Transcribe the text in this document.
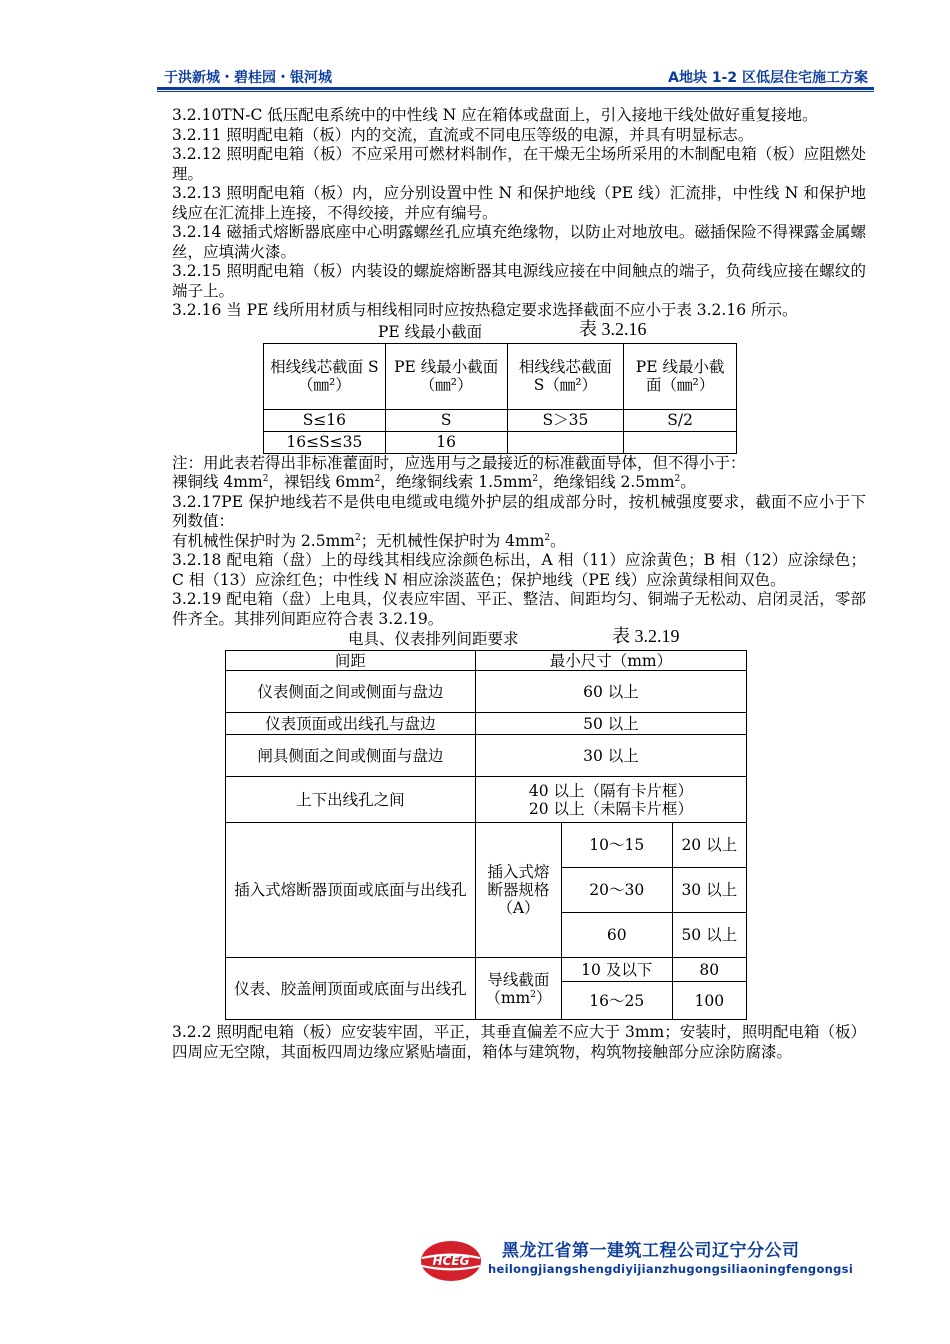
于洪新城・碧桂园・银河城	A地块 1-2 区低层住宅施工方案

3.2.10TN-C 低压配电系统中的中性线 N 应在箱体或盘面上，引入接地干线处做好重复接地。

3.2.11 照明配电箱（板）内的交流，直流或不同电压等级的电源，并具有明显标志。

3.2.12 照明配电箱（板）不应采用可燃材料制作，在干燥无尘场所采用的木制配电箱（板）应阻燃处理。

3.2.13 照明配电箱（板）内，应分别设置中性 N 和保护地线（PE 线）汇流排，中性线 N 和保护地线应在汇流排上连接，不得绞接，并应有编号。

3.2.14 磁插式熔断器底座中心明露螺丝孔应填充绝缘物，以防止对地放电。磁插保险不得裸露金属螺丝，应填满火漆。

3.2.15 照明配电箱（板）内装设的螺旋熔断器其电源线应接在中间触点的端子，负荷线应接在螺纹的端子上。

3.2.16 当 PE 线所用材质与相线相同时应按热稳定要求选择截面不应小于表 3.2.16 所示。

PE 线最小截面	表 3.2.16
相线线芯截面 S（㎜²）	PE 线最小截面（㎜²）	相线线芯截面 S（㎜²）	PE 线最小截面（㎜²）
S≤16	S	S＞35	S/2
16≤S≤35	16		

注：用此表若得出非标准藿面时，应选用与之最接近的标准截面导体，但不得小于：

裸铜线 $4mm^2$，裸铝线 $6mm^2$，绝缘铜线索 $1.5mm^2$，绝缘铝线 $2.5mm^2$。

3.2.17PE 保护地线若不是供电电缆或电缆外护层的组成部分时，按机械强度要求，截面不应小于下列数值：

有机械性保护时为 $2.5mm^2$；无机械性保护时为 $4mm^2$。

3.2.18 配电箱（盘）上的母线其相线应涂颜色标出，A 相（11）应涂黄色；B 相（12）应涂绿色；C 相（13）应涂红色；中性线 N 相应涂淡蓝色；保护地线（PE 线）应涂黄绿相间双色。

3.2.19 配电箱（盘）上电具，仪表应牢固、平正、整洁、间距均匀、铜端子无松动、启闭灵活，零部件齐全。其排列间距应符合表 3.2.19。

电具、仪表排列间距要求	表 3.2.19
间距	最小尺寸（mm）		
仪表侧面之间或侧面与盘边	60 以上		
仪表顶面或出线孔与盘边	50 以上		
闸具侧面之间或侧面与盘边	30 以上		
上下出线孔之间	40 以上（隔有卡片框）
20 以上（未隔卡片框）		

插入式熔断器顶面或底面与出线孔	插入式熔断器规格（A）	10～15	20 以上
		20～30	30 以上
		60	50 以上
仪表、胶盖闸顶面或底面与出线孔	导线截面$(mm^2)$	10 及以下	80
		16～25	100

3.2.2 照明配电箱（板）应安装牢固，平正，其垂直偏差不应大于 3mm；安装时，照明配电箱（板）四周应无空隙，其面板四周边缘应紧贴墙面，箱体与建筑物，构筑物接触部分应涂防腐漆。

HCEG 黑龙江省第一建筑工程公司辽宁分公司
heilongjiangshengdiyijianzhugongsiliaoningfengongsi
